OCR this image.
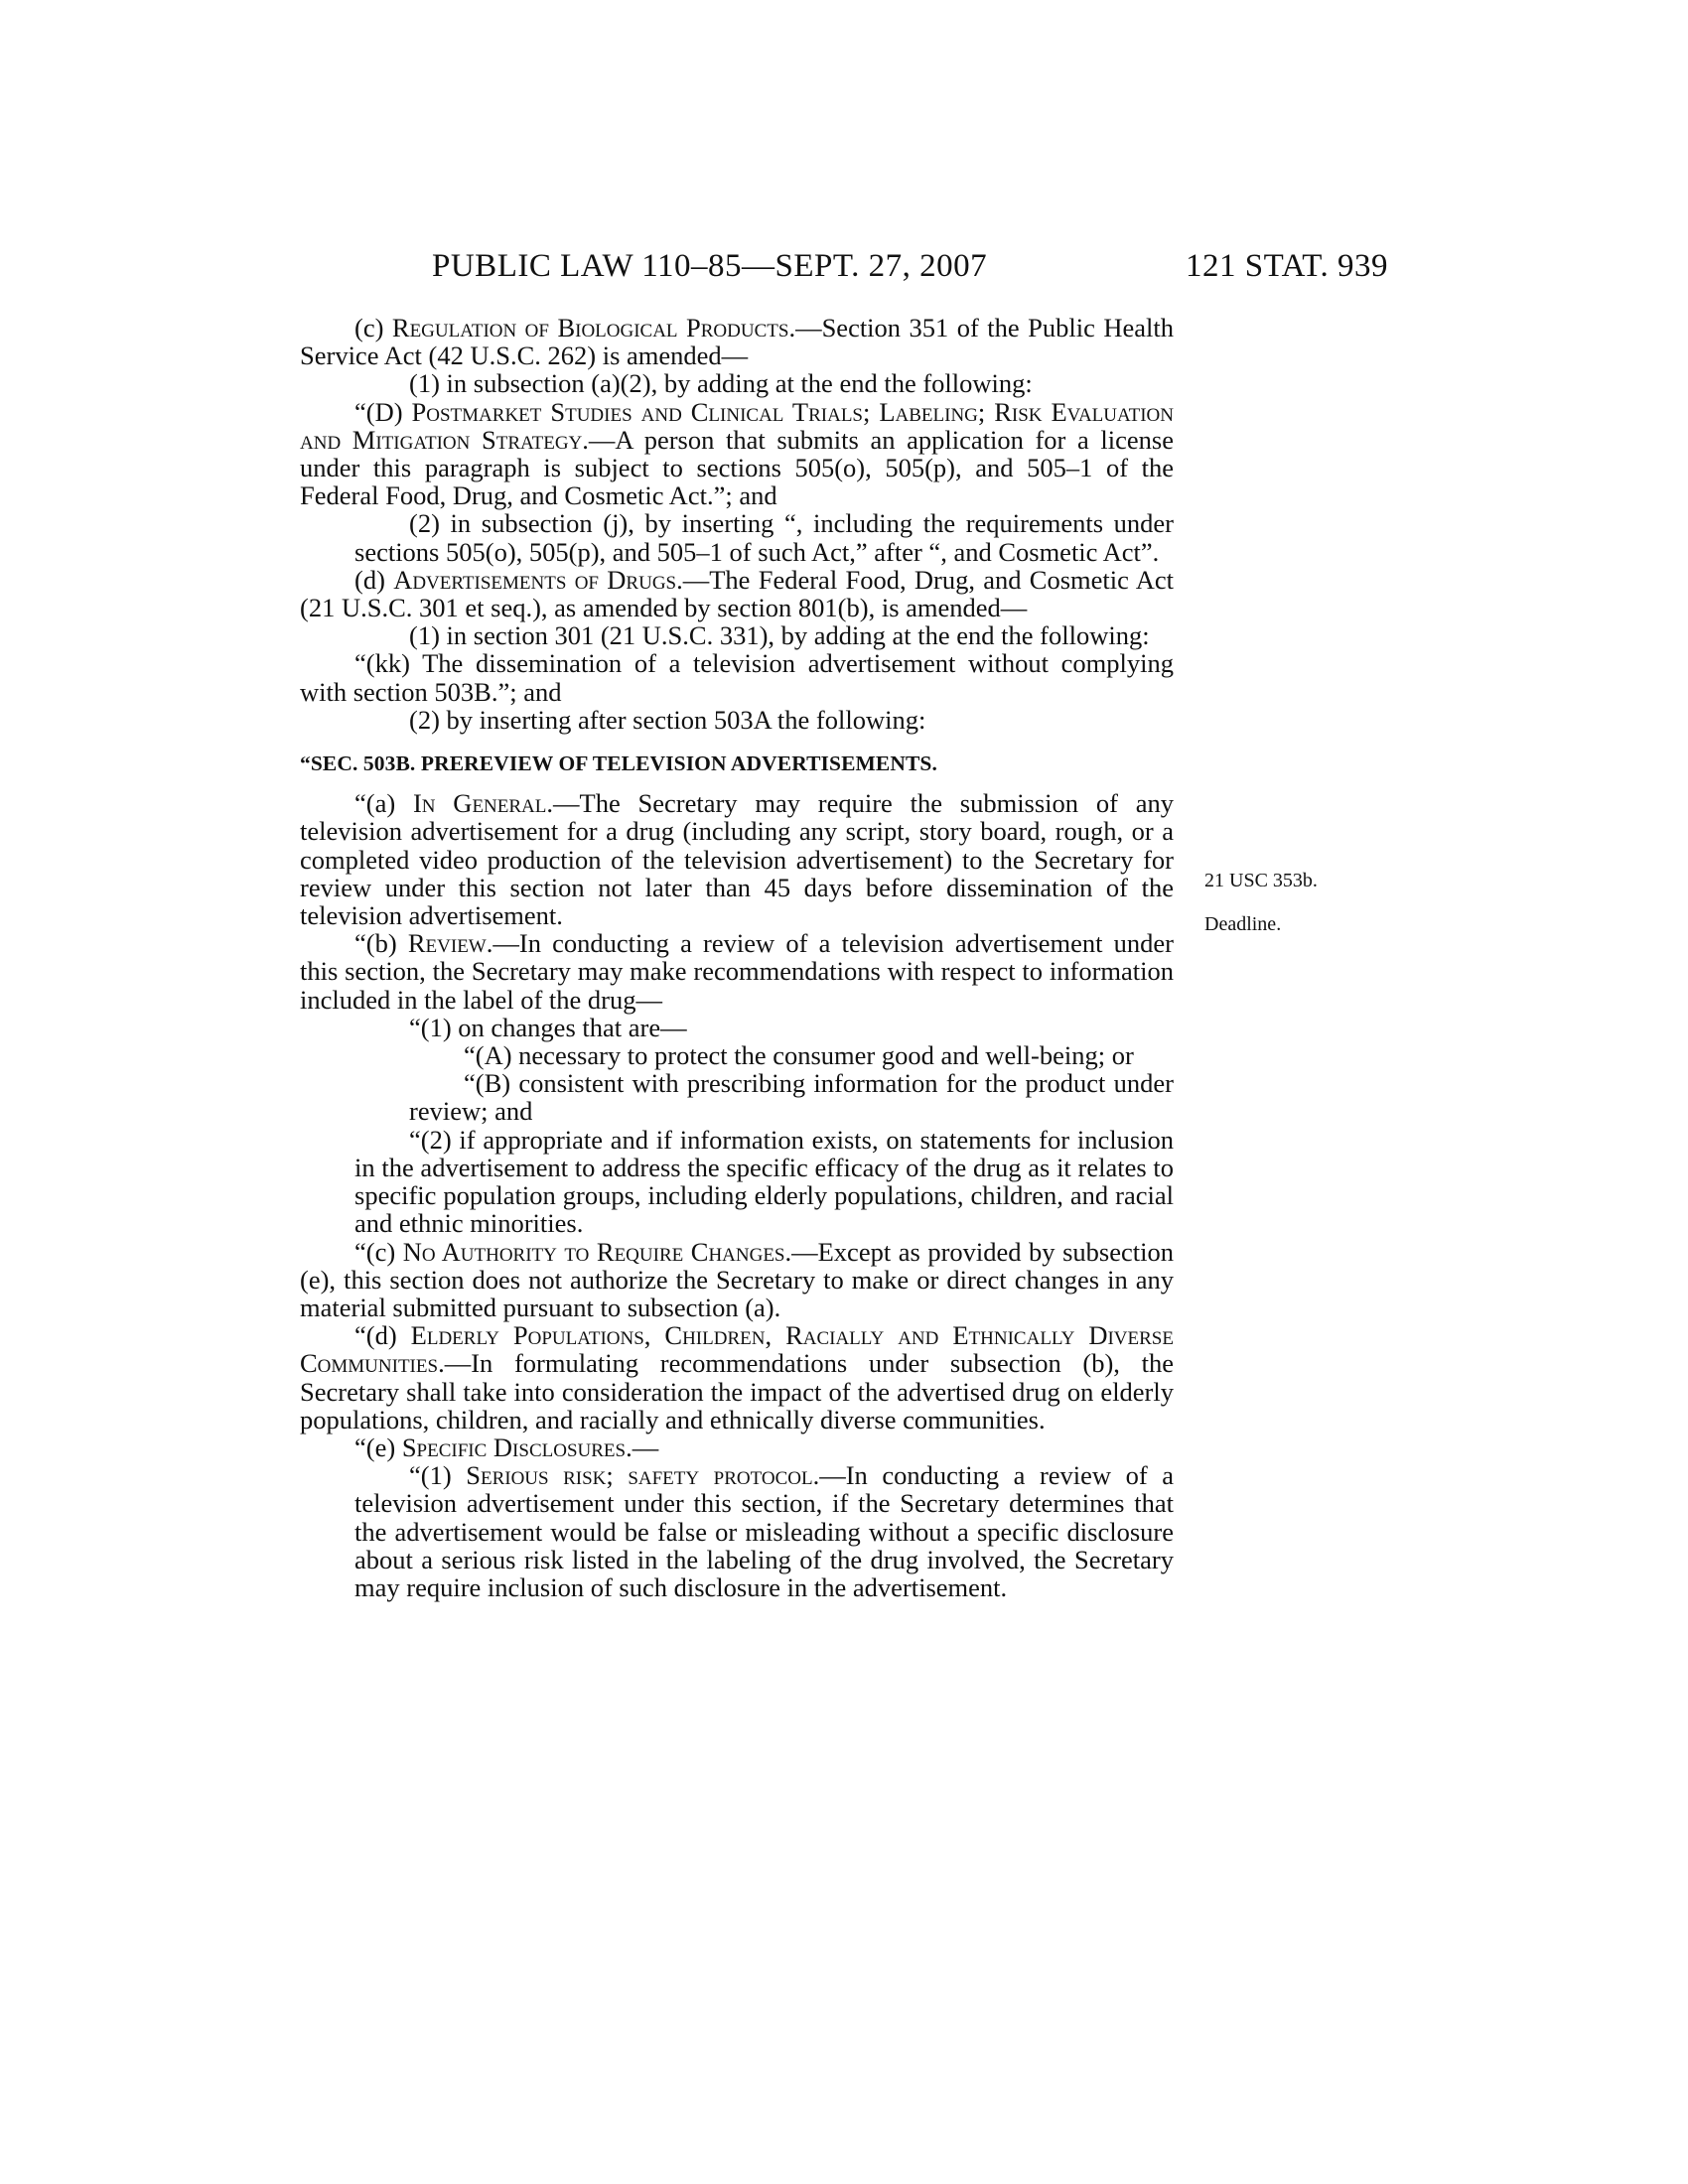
PUBLIC LAW 110–85—SEPT. 27, 2007	121 STAT. 939
21 USC 353b.
Deadline.

(c) Regulation of Biological Products.—Section 351 of the Public Health Service Act (42 U.S.C. 262) is amended—

(1) in subsection (a)(2), by adding at the end the following:

“(D) Postmarket Studies and Clinical Trials; Labeling; Risk Evaluation and Mitigation Strategy.—A person that submits an application for a license under this paragraph is subject to sections 505(o), 505(p), and 505–1 of the Federal Food, Drug, and Cosmetic Act.”; and

(2) in subsection (j), by inserting “, including the requirements under sections 505(o), 505(p), and 505–1 of such Act,” after “, and Cosmetic Act”.

(d) Advertisements of Drugs.—The Federal Food, Drug, and Cosmetic Act (21 U.S.C. 301 et seq.), as amended by section 801(b), is amended—

(1) in section 301 (21 U.S.C. 331), by adding at the end the following:

“(kk) The dissemination of a television advertisement without complying with section 503B.”; and

(2) by inserting after section 503A the following:

“SEC. 503B. PREREVIEW OF TELEVISION ADVERTISEMENTS.

“(a) In General.—The Secretary may require the submission of any television advertisement for a drug (including any script, story board, rough, or a completed video production of the television advertisement) to the Secretary for review under this section not later than 45 days before dissemination of the television advertisement.

“(b) Review.—In conducting a review of a television advertisement under this section, the Secretary may make recommendations with respect to information included in the label of the drug—

“(1) on changes that are—

“(A) necessary to protect the consumer good and well-being; or

“(B) consistent with prescribing information for the product under review; and

“(2) if appropriate and if information exists, on statements for inclusion in the advertisement to address the specific efficacy of the drug as it relates to specific population groups, including elderly populations, children, and racial and ethnic minorities.

“(c) No Authority to Require Changes.—Except as provided by subsection (e), this section does not authorize the Secretary to make or direct changes in any material submitted pursuant to subsection (a).

“(d) Elderly Populations, Children, Racially and Ethnically Diverse Communities.—In formulating recommendations under subsection (b), the Secretary shall take into consideration the impact of the advertised drug on elderly populations, children, and racially and ethnically diverse communities.

“(e) Specific Disclosures.—

“(1) Serious risk; safety protocol.—In conducting a review of a television advertisement under this section, if the Secretary determines that the advertisement would be false or misleading without a specific disclosure about a serious risk listed in the labeling of the drug involved, the Secretary may require inclusion of such disclosure in the advertisement.
